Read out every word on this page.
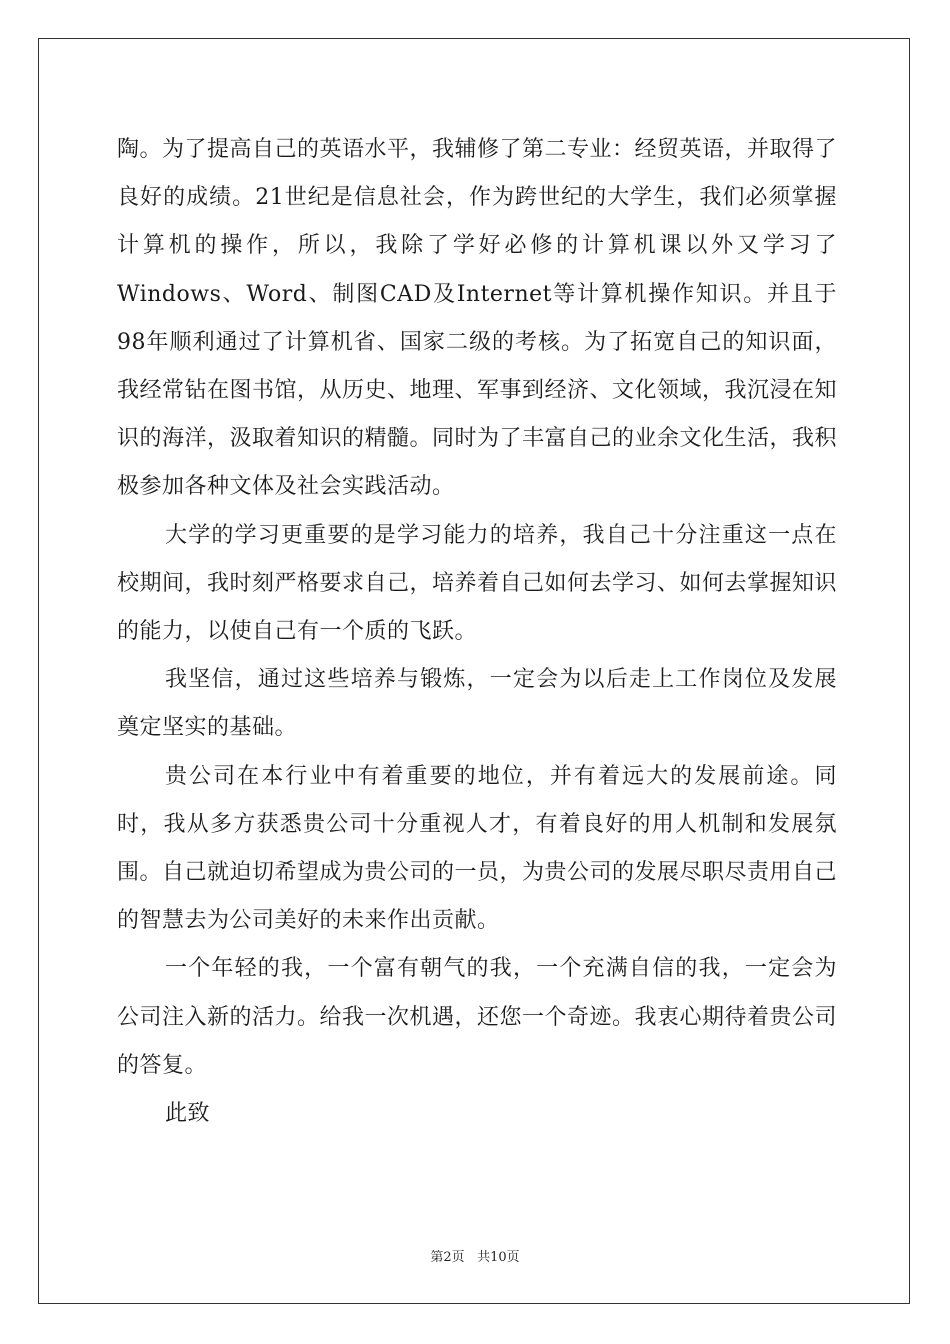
陶。为了提高自己的英语水平，我辅修了第二专业：经贸英语，并取得了良好的成绩。21世纪是信息社会，作为跨世纪的大学生，我们必须掌握计算机的操作，所以，我除了学好必修的计算机课以外又学习了Windows、Word、制图CAD及Internet等计算机操作知识。并且于98年顺利通过了计算机省、国家二级的考核。为了拓宽自己的知识面，我经常钻在图书馆，从历史、地理、军事到经济、文化领域，我沉浸在知识的海洋，汲取着知识的精髓。同时为了丰富自己的业余文化生活，我积极参加各种文体及社会实践活动。

大学的学习更重要的是学习能力的培养，我自己十分注重这一点在校期间，我时刻严格要求自己，培养着自己如何去学习、如何去掌握知识的能力，以使自己有一个质的飞跃。

我坚信，通过这些培养与锻炼，一定会为以后走上工作岗位及发展奠定坚实的基础。

贵公司在本行业中有着重要的地位，并有着远大的发展前途。同时，我从多方获悉贵公司十分重视人才，有着良好的用人机制和发展氛围。自己就迫切希望成为贵公司的一员，为贵公司的发展尽职尽责用自己的智慧去为公司美好的未来作出贡献。

一个年轻的我，一个富有朝气的我，一个充满自信的我，一定会为公司注入新的活力。给我一次机遇，还您一个奇迹。我衷心期待着贵公司的答复。

此致

第2页 共10页
